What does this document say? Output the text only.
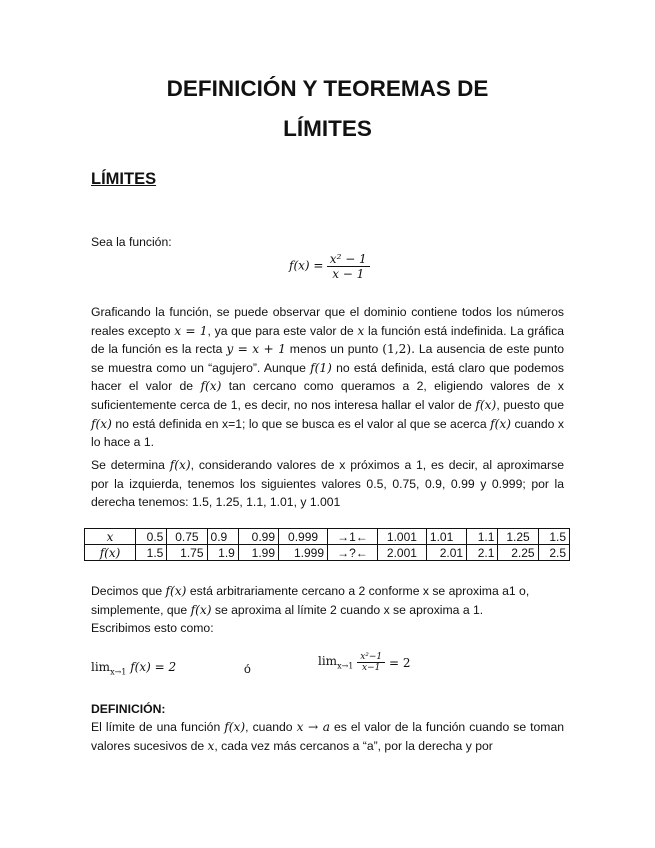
DEFINICIÓN Y TEOREMAS DE
LÍMITES
LÍMITES
Sea la función:
$f(x) = \frac{\text{x² − 1}}{x - 1}$
Graficando la función, se puede observar que el dominio contiene todos los números reales excepto x = 1, ya que para este valor de x la función está indefinida. La gráfica de la función es la recta y = x + 1 menos un punto (1,2). La ausencia de este punto se muestra como un “agujero”. Aunque f(1) no está definida, está claro que podemos hacer el valor de f(x) tan cercano como queramos a 2, eligiendo valores de x suficientemente cerca de 1, es decir, no nos interesa hallar el valor de f(x), puesto que f(x) no está definida en x=1; lo que se busca es el valor al que se acerca f(x) cuando x lo hace a 1.
Se determina f(x), considerando valores de x próximos a 1, es decir, al aproximarse por la izquierda, tenemos los siguientes valores 0.5, 0.75, 0.9, 0.99 y 0.999; por la derecha tenemos: 1.5, 1.25, 1.1, 1.01, y 1.001
x	0.5	0.75	0.9	0.99	0.999	→1←	1.001	1.01	1.1	1.25	1.5
f(x)	1.5	1.75	1.9	1.99	1.999	→?←	2.001	2.01	2.1	2.25	2.5
Decimos que f(x) está arbitrariamente cercano a 2 conforme x se aproxima a1 o, simplemente, que f(x) se aproxima al límite 2 cuando x se aproxima a 1.
Escribimos esto como:
$\lim_{x\to 1} f(x) = 2$	ó
$\lim_{x\to 1} \frac{\text{x²−1}}{x-1} = 2$
DEFINICIÓN:
El límite de una función f(x), cuando x → a es el valor de la función cuando se toman valores sucesivos de x, cada vez más cercanos a “a”, por la derecha y por
